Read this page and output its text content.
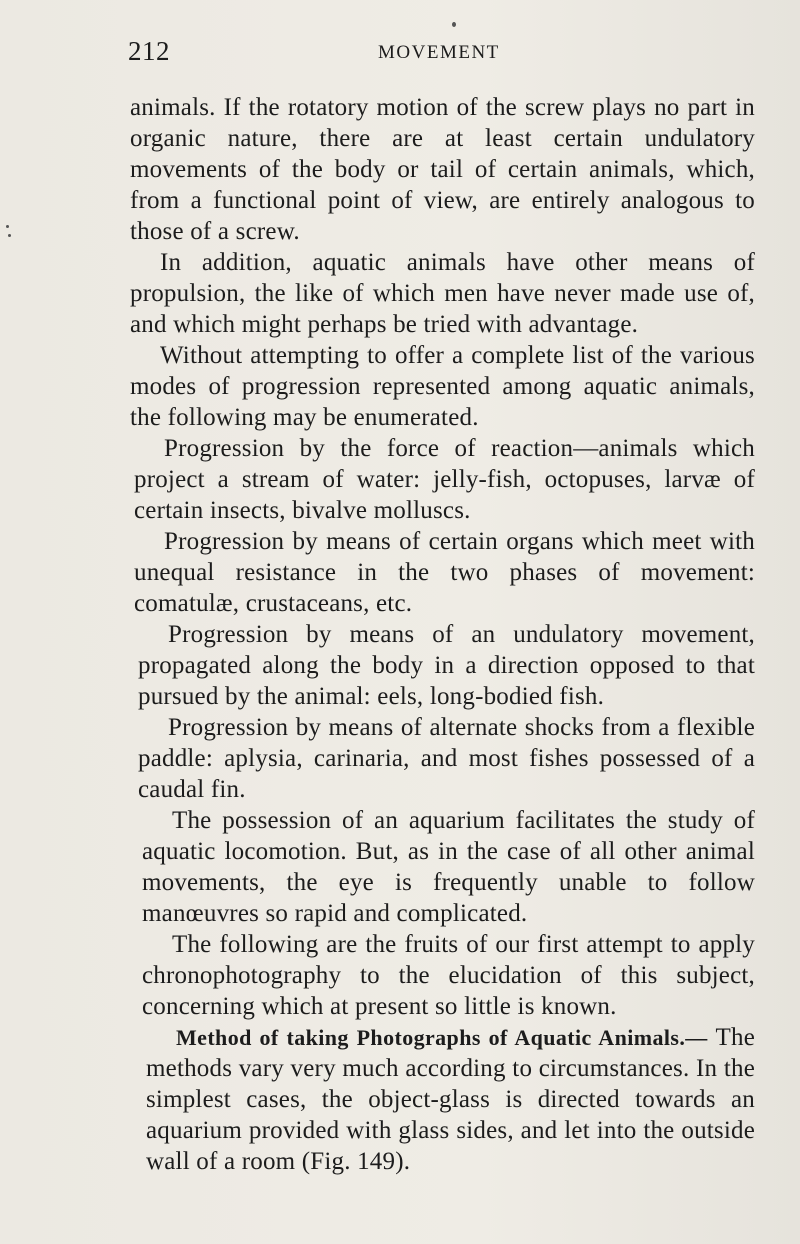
212	MOVEMENT

animals. If the rotatory motion of the screw plays no part in organic nature, there are at least certain undulatory movements of the body or tail of certain animals, which, from a functional point of view, are entirely analogous to those of a screw.

In addition, aquatic animals have other means of propulsion, the like of which men have never made use of, and which might perhaps be tried with advantage.

Without attempting to offer a complete list of the various modes of progression represented among aquatic animals, the following may be enumerated.

Progression by the force of reaction—animals which project a stream of water: jelly-fish, octopuses, larvæ of certain insects, bivalve molluscs.

Progression by means of certain organs which meet with unequal resistance in the two phases of movement: comatulæ, crustaceans, etc.

Progression by means of an undulatory movement, propagated along the body in a direction opposed to that pursued by the animal: eels, long-bodied fish.

Progression by means of alternate shocks from a flexible paddle: aplysia, carinaria, and most fishes possessed of a caudal fin.

The possession of an aquarium facilitates the study of aquatic locomotion. But, as in the case of all other animal movements, the eye is frequently unable to follow manœuvres so rapid and complicated.

The following are the fruits of our first attempt to apply chronophotography to the elucidation of this subject, concerning which at present so little is known.

Method of taking Photographs of Aquatic Animals.— The methods vary very much according to circumstances. In the simplest cases, the object-glass is directed towards an aquarium provided with glass sides, and let into the outside wall of a room (Fig. 149).
